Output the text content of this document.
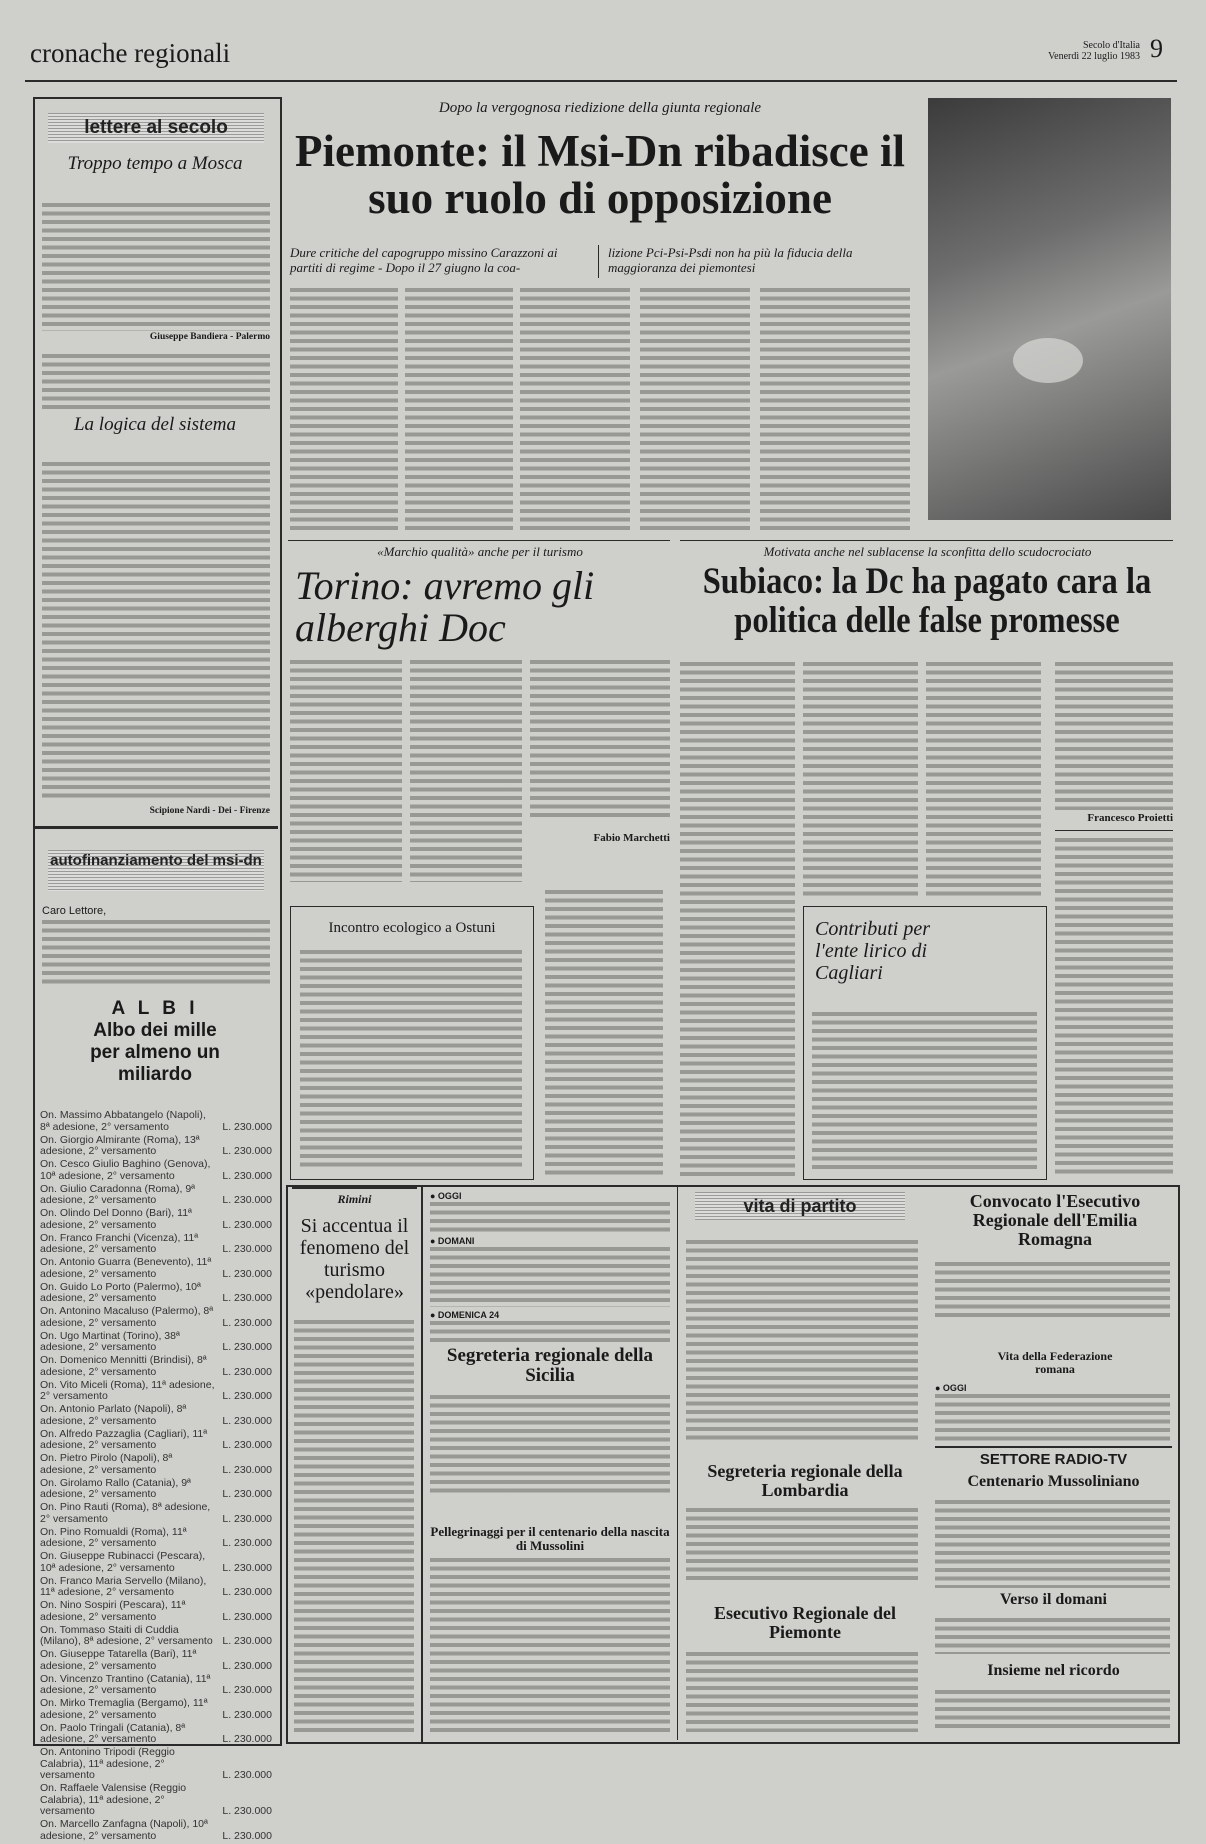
cronache regionali	Secolo d'Italia
Venerdì 22 luglio 1983 9
lettere al secolo
Troppo tempo a Mosca
Giuseppe Bandiera - Palermo
La logica del sistema
Scipione Nardi - Dei - Firenze
autofinanziamento del msi-dn
Caro Lettore,
A L B I
Albo dei mille per almeno un miliardo
On. Massimo Abbatangelo (Napoli), 8ª adesione, 2° versamento	L. 230.000
On. Giorgio Almirante (Roma), 13ª adesione, 2° versamento	L. 230.000
On. Cesco Giulio Baghino (Genova), 10ª adesione, 2° versamento	L. 230.000
On. Giulio Caradonna (Roma), 9ª adesione, 2° versamento	L. 230.000
On. Olindo Del Donno (Bari), 11ª adesione, 2° versamento	L. 230.000
On. Franco Franchi (Vicenza), 11ª adesione, 2° versamento	L. 230.000
On. Antonio Guarra (Benevento), 11ª adesione, 2° versamento	L. 230.000
On. Guido Lo Porto (Palermo), 10ª adesione, 2° versamento	L. 230.000
On. Antonino Macaluso (Palermo), 8ª adesione, 2° versamento	L. 230.000
On. Ugo Martinat (Torino), 38ª adesione, 2° versamento	L. 230.000
On. Domenico Mennitti (Brindisi), 8ª adesione, 2° versamento	L. 230.000
On. Vito Miceli (Roma), 11ª adesione, 2° versamento	L. 230.000
On. Antonio Parlato (Napoli), 8ª adesione, 2° versamento	L. 230.000
On. Alfredo Pazzaglia (Cagliari), 11ª adesione, 2° versamento	L. 230.000
On. Pietro Pirolo (Napoli), 8ª adesione, 2° versamento	L. 230.000
On. Girolamo Rallo (Catania), 9ª adesione, 2° versamento	L. 230.000
On. Pino Rauti (Roma), 8ª adesione, 2° versamento	L. 230.000
On. Pino Romualdi (Roma), 11ª adesione, 2° versamento	L. 230.000
On. Giuseppe Rubinacci (Pescara), 10ª adesione, 2° versamento	L. 230.000
On. Franco Maria Servello (Milano), 11ª adesione, 2° versamento	L. 230.000
On. Nino Sospiri (Pescara), 11ª adesione, 2° versamento	L. 230.000
On. Tommaso Staiti di Cuddia (Milano), 8ª adesione, 2° versamento L. 230.000
On. Giuseppe Tatarella (Bari), 11ª adesione, 2° versamento	L. 230.000
On. Vincenzo Trantino (Catania), 11ª adesione, 2° versamento	L. 230.000
On. Mirko Tremaglia (Bergamo), 11ª adesione, 2° versamento	L. 230.000
On. Paolo Tringali (Catania), 8ª adesione, 2° versamento	L. 230.000
On. Antonino Tripodi (Reggio Calabria), 11ª adesione, 2° versamento	L. 230.000
On. Raffaele Valensise (Reggio Calabria), 11ª adesione, 2° versamento	L. 230.000
On. Marcello Zanfagna (Napoli), 10ª adesione, 2° versamento	L. 230.000
Dopo la vergognosa riedizione della giunta regionale
Piemonte: il Msi-Dn ribadisce il suo ruolo di opposizione
Dure critiche del capogruppo missino Carazzoni ai partiti di regime - Dopo il 27 giugno la coa-
lizione Pci-Psi-Psdi non ha più la fiducia della maggioranza dei piemontesi
«Marchio qualità» anche per il turismo
Torino: avremo gli alberghi Doc
Fabio Marchetti
Motivata anche nel sublacense la sconfitta dello scudocrociato
Subiaco: la Dc ha pagato cara la politica delle false promesse
Francesco Proietti
Incontro ecologico a Ostuni	Contributi per l'ente lirico di Cagliari
Rimini
Si accentua il fenomeno del turismo «pendolare»
● OGGI
● DOMANI
● DOMENICA 24
Segreteria regionale della Sicilia
Pellegrinaggi per il centenario della nascita di Mussolini
vita di partito
Segreteria regionale della Lombardia
Esecutivo Regionale del Piemonte
Convocato l'Esecutivo Regionale dell'Emilia Romagna
Vita della Federazione romana
● OGGI
SETTORE RADIO-TV
Centenario Mussoliniano
Verso il domani
Insieme nel ricordo
